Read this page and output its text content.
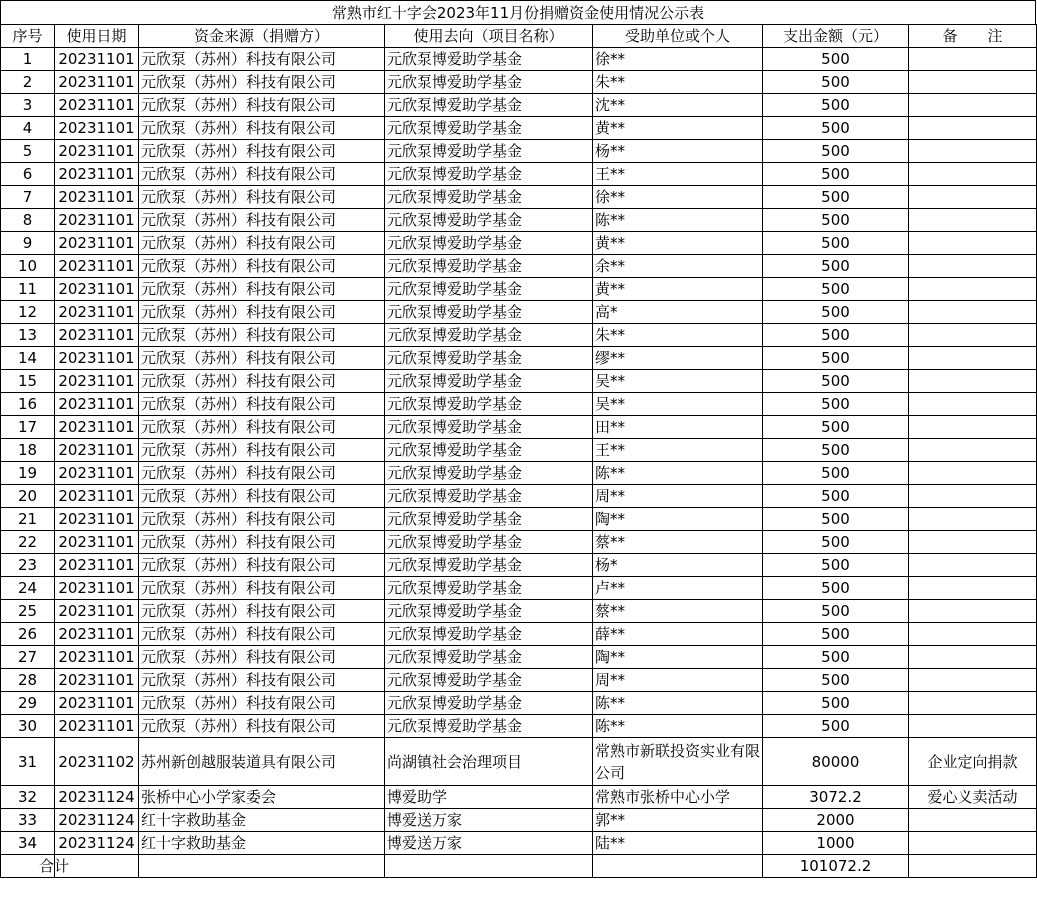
常熟市红十字会2023年11月份捐赠资金使用情况公示表
序号	使用日期	资金来源（捐赠方）	使用去向（项目名称）	受助单位或个人	支出金额（元）	备　　注
1	20231101	元欣泵（苏州）科技有限公司	元欣泵博爱助学基金	徐**	500	
2	20231101	元欣泵（苏州）科技有限公司	元欣泵博爱助学基金	朱**	500	
3	20231101	元欣泵（苏州）科技有限公司	元欣泵博爱助学基金	沈**	500	
4	20231101	元欣泵（苏州）科技有限公司	元欣泵博爱助学基金	黄**	500	
5	20231101	元欣泵（苏州）科技有限公司	元欣泵博爱助学基金	杨**	500	
6	20231101	元欣泵（苏州）科技有限公司	元欣泵博爱助学基金	王**	500	
7	20231101	元欣泵（苏州）科技有限公司	元欣泵博爱助学基金	徐**	500	
8	20231101	元欣泵（苏州）科技有限公司	元欣泵博爱助学基金	陈**	500	
9	20231101	元欣泵（苏州）科技有限公司	元欣泵博爱助学基金	黄**	500	
10	20231101	元欣泵（苏州）科技有限公司	元欣泵博爱助学基金	余**	500	
11	20231101	元欣泵（苏州）科技有限公司	元欣泵博爱助学基金	黄**	500	
12	20231101	元欣泵（苏州）科技有限公司	元欣泵博爱助学基金	高*	500	
13	20231101	元欣泵（苏州）科技有限公司	元欣泵博爱助学基金	朱**	500	
14	20231101	元欣泵（苏州）科技有限公司	元欣泵博爱助学基金	缪**	500	
15	20231101	元欣泵（苏州）科技有限公司	元欣泵博爱助学基金	吴**	500	
16	20231101	元欣泵（苏州）科技有限公司	元欣泵博爱助学基金	吴**	500	
17	20231101	元欣泵（苏州）科技有限公司	元欣泵博爱助学基金	田**	500	
18	20231101	元欣泵（苏州）科技有限公司	元欣泵博爱助学基金	王**	500	
19	20231101	元欣泵（苏州）科技有限公司	元欣泵博爱助学基金	陈**	500	
20	20231101	元欣泵（苏州）科技有限公司	元欣泵博爱助学基金	周**	500	
21	20231101	元欣泵（苏州）科技有限公司	元欣泵博爱助学基金	陶**	500	
22	20231101	元欣泵（苏州）科技有限公司	元欣泵博爱助学基金	蔡**	500	
23	20231101	元欣泵（苏州）科技有限公司	元欣泵博爱助学基金	杨*	500	
24	20231101	元欣泵（苏州）科技有限公司	元欣泵博爱助学基金	卢**	500	
25	20231101	元欣泵（苏州）科技有限公司	元欣泵博爱助学基金	蔡**	500	
26	20231101	元欣泵（苏州）科技有限公司	元欣泵博爱助学基金	薛**	500	
27	20231101	元欣泵（苏州）科技有限公司	元欣泵博爱助学基金	陶**	500	
28	20231101	元欣泵（苏州）科技有限公司	元欣泵博爱助学基金	周**	500	
29	20231101	元欣泵（苏州）科技有限公司	元欣泵博爱助学基金	陈**	500	
30	20231101	元欣泵（苏州）科技有限公司	元欣泵博爱助学基金	陈**	500	
31	20231102	苏州新创越服装道具有限公司	尚湖镇社会治理项目	常熟市新联投资实业有限公司	80000	企业定向捐款
32	20231124	张桥中心小学家委会	博爱助学	常熟市张桥中心小学	3072.2	爱心义卖活动
33	20231124	红十字救助基金	博爱送万家	郭**	2000	
34	20231124	红十字救助基金	博爱送万家	陆**	1000	
合计					101072.2	
